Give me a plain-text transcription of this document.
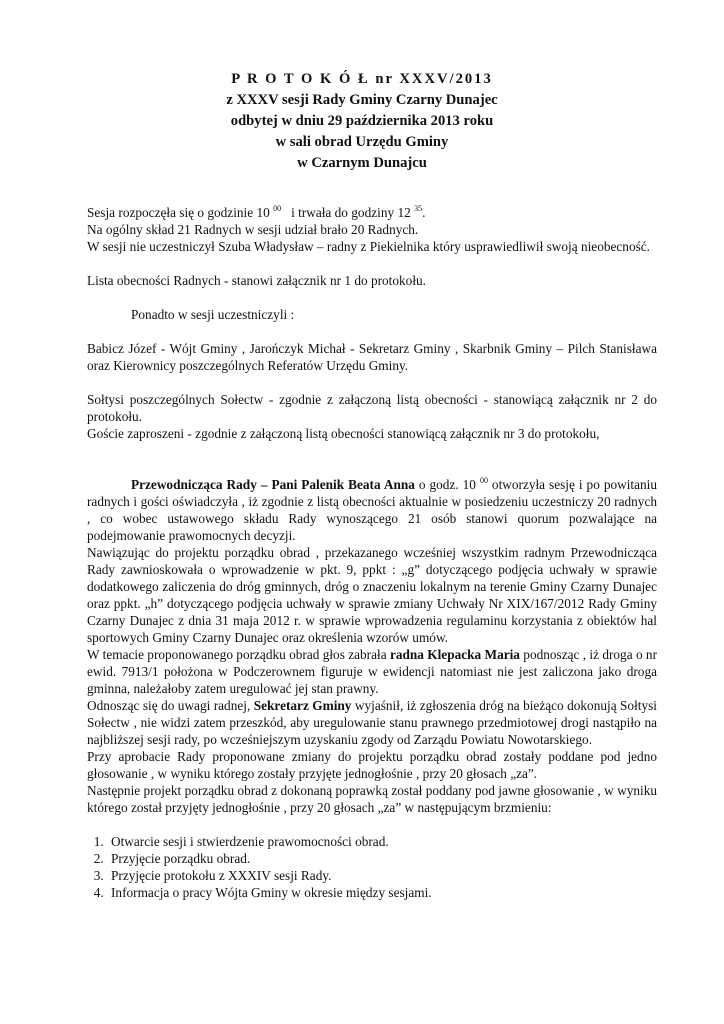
P R O T O K Ó Ł nr XXXV/2013
z XXXV sesji Rady Gminy Czarny Dunajec
odbytej w dniu 29 października 2013 roku
w sali obrad Urzędu Gminy
w Czarnym Dunajcu

Sesja rozpoczęła się o godzinie 10 $^{00}$ i trwała do godziny 12 $^{35}$.

Na ogólny skład 21 Radnych w sesji udział brało 20 Radnych.

W sesji nie uczestniczył Szuba Władysław – radny z Piekielnika który usprawiedliwił swoją nieobecność.

Lista obecności Radnych - stanowi załącznik nr 1 do protokołu.

Ponadto w sesji uczestniczyli :

Babicz Józef - Wójt Gminy , Jarończyk Michał - Sekretarz Gminy , Skarbnik Gminy – Pilch Stanisława oraz Kierownicy poszczególnych Referatów Urzędu Gminy.

Sołtysi poszczególnych Sołectw - zgodnie z załączoną listą obecności - stanowiącą załącznik nr 2 do protokołu.

Goście zaproszeni - zgodnie z załączoną listą obecności stanowiącą załącznik nr 3 do protokołu,

Przewodnicząca Rady – Pani Palenik Beata Anna o godz. 10 $^{00}$ otworzyła sesję i po powitaniu radnych i gości oświadczyła , iż zgodnie z listą obecności aktualnie w posiedzeniu uczestniczy 20 radnych , co wobec ustawowego składu Rady wynoszącego 21 osób stanowi quorum pozwalające na podejmowanie prawomocnych decyzji.

Nawiązując do projektu porządku obrad , przekazanego wcześniej wszystkim radnym Przewodnicząca Rady zawnioskowała o wprowadzenie w pkt. 9, ppkt : „g” dotyczącego podjęcia uchwały w sprawie dodatkowego zaliczenia do dróg gminnych, dróg o znaczeniu lokalnym na terenie Gminy Czarny Dunajec oraz ppkt. „h” dotyczącego podjęcia uchwały w sprawie zmiany Uchwały Nr XIX/167/2012 Rady Gminy Czarny Dunajec z dnia 31 maja 2012 r. w sprawie wprowadzenia regulaminu korzystania z obiektów hal sportowych Gminy Czarny Dunajec oraz określenia wzorów umów.

W temacie proponowanego porządku obrad głos zabrała radna Klepacka Maria podnosząc , iż droga o nr ewid. 7913/1 położona w Podczerownem figuruje w ewidencji natomiast nie jest zaliczona jako droga gminna, należałoby zatem uregulować jej stan prawny.

Odnosząc się do uwagi radnej, Sekretarz Gminy wyjaśnił, iż zgłoszenia dróg na bieżąco dokonują Sołtysi Sołectw , nie widzi zatem przeszkód, aby uregulowanie stanu prawnego przedmiotowej drogi nastąpiło na najbliższej sesji rady, po wcześniejszym uzyskaniu zgody od Zarządu Powiatu Nowotarskiego.

Przy aprobacie Rady proponowane zmiany do projektu porządku obrad zostały poddane pod jedno głosowanie , w wyniku którego zostały przyjęte jednogłośnie , przy 20 głosach „za”.

Następnie projekt porządku obrad z dokonaną poprawką został poddany pod jawne głosowanie , w wyniku którego został przyjęty jednogłośnie , przy 20 głosach „za” w następującym brzmieniu:

1. Otwarcie sesji i stwierdzenie prawomocności obrad.
2. Przyjęcie porządku obrad.
3. Przyjęcie protokołu z XXXIV sesji Rady.
4. Informacja o pracy Wójta Gminy w okresie między sesjami.
